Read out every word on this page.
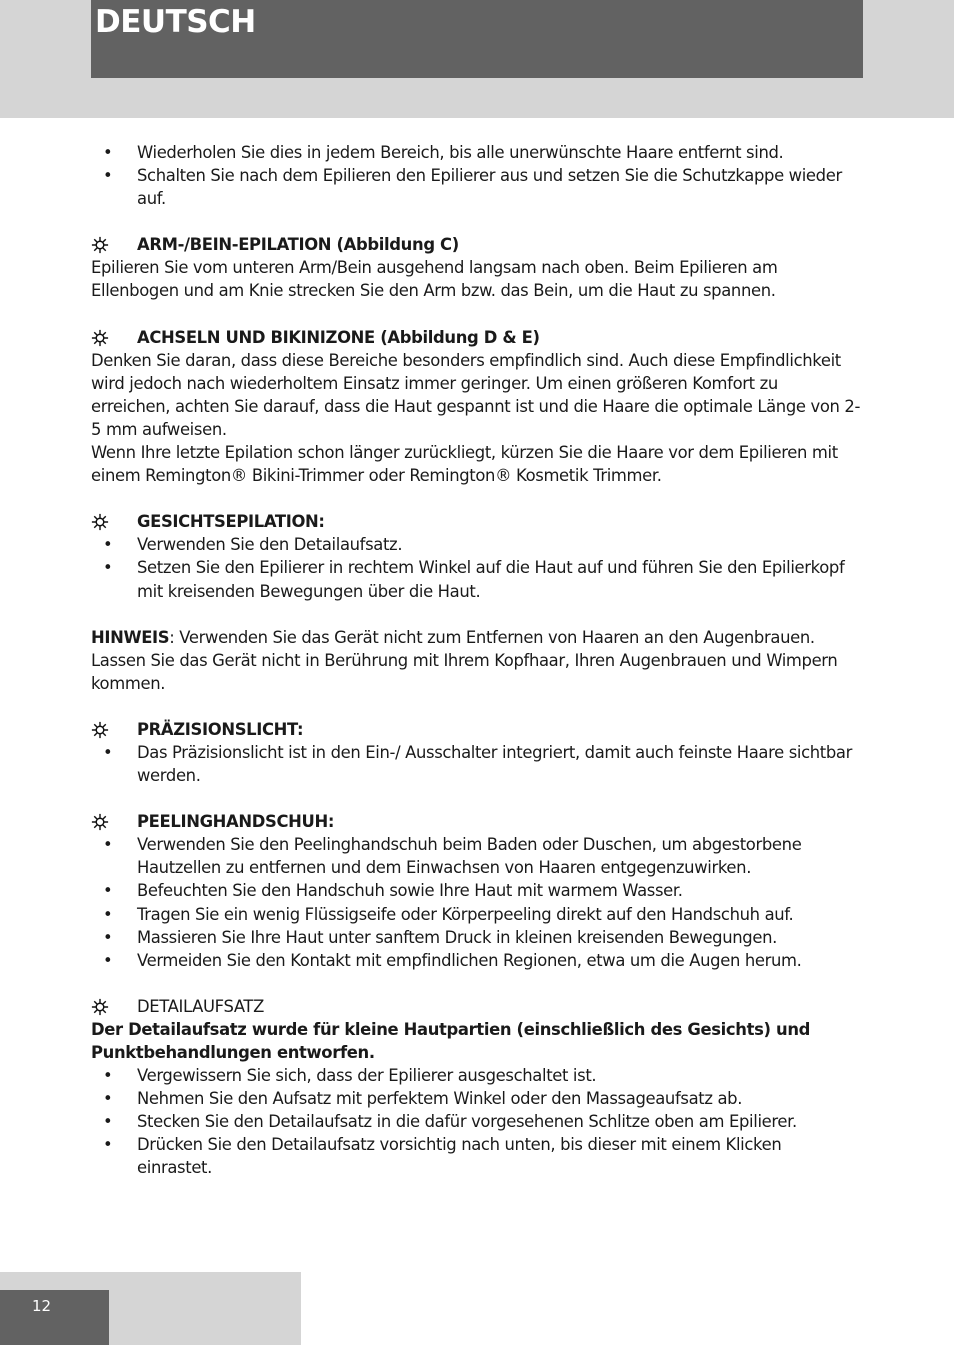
DEUTSCH
• Wiederholen Sie dies in jedem Bereich, bis alle unerwünschte Haare entfernt sind.
• Schalten Sie nach dem Epilieren den Epilierer aus und setzen Sie die Schutzkappe wieder auf.
ARM-/BEIN-EPILATION (Abbildung C)
Epilieren Sie vom unteren Arm/Bein ausgehend langsam nach oben. Beim Epilieren am Ellenbogen und am Knie strecken Sie den Arm bzw. das Bein, um die Haut zu spannen.
ACHSELN UND BIKINIZONE (Abbildung D & E)
Denken Sie daran, dass diese Bereiche besonders empfindlich sind. Auch diese Empfindlichkeit wird jedoch nach wiederholtem Einsatz immer geringer. Um einen größeren Komfort zu erreichen, achten Sie darauf, dass die Haut gespannt ist und die Haare die optimale Länge von 2-5 mm aufweisen.
Wenn Ihre letzte Epilation schon länger zurückliegt, kürzen Sie die Haare vor dem Epilieren mit einem Remington® Bikini-Trimmer oder Remington® Kosmetik Trimmer.
GESICHTSEPILATION:
• Verwenden Sie den Detailaufsatz.
• Setzen Sie den Epilierer in rechtem Winkel auf die Haut auf und führen Sie den Epilierkopf mit kreisenden Bewegungen über die Haut.
HINWEIS: Verwenden Sie das Gerät nicht zum Entfernen von Haaren an den Augenbrauen. Lassen Sie das Gerät nicht in Berührung mit Ihrem Kopfhaar, Ihren Augenbrauen und Wimpern kommen.
PRÄZISIONSLICHT:
• Das Präzisionslicht ist in den Ein-/ Ausschalter integriert, damit auch feinste Haare sichtbar werden.
PEELINGHANDSCHUH:
• Verwenden Sie den Peelinghandschuh beim Baden oder Duschen, um abgestorbene Hautzellen zu entfernen und dem Einwachsen von Haaren entgegenzuwirken.
• Befeuchten Sie den Handschuh sowie Ihre Haut mit warmem Wasser.
• Tragen Sie ein wenig Flüssigseife oder Körperpeeling direkt auf den Handschuh auf.
• Massieren Sie Ihre Haut unter sanftem Druck in kleinen kreisenden Bewegungen.
• Vermeiden Sie den Kontakt mit empfindlichen Regionen, etwa um die Augen herum.
DETAILAUFSATZ
Der Detailaufsatz wurde für kleine Hautpartien (einschließlich des Gesichts) und Punktbehandlungen entworfen.
• Vergewissern Sie sich, dass der Epilierer ausgeschaltet ist.
• Nehmen Sie den Aufsatz mit perfektem Winkel oder den Massageaufsatz ab.
• Stecken Sie den Detailaufsatz in die dafür vorgesehenen Schlitze oben am Epilierer.
• Drücken Sie den Detailaufsatz vorsichtig nach unten, bis dieser mit einem Klicken einrastet.
12
